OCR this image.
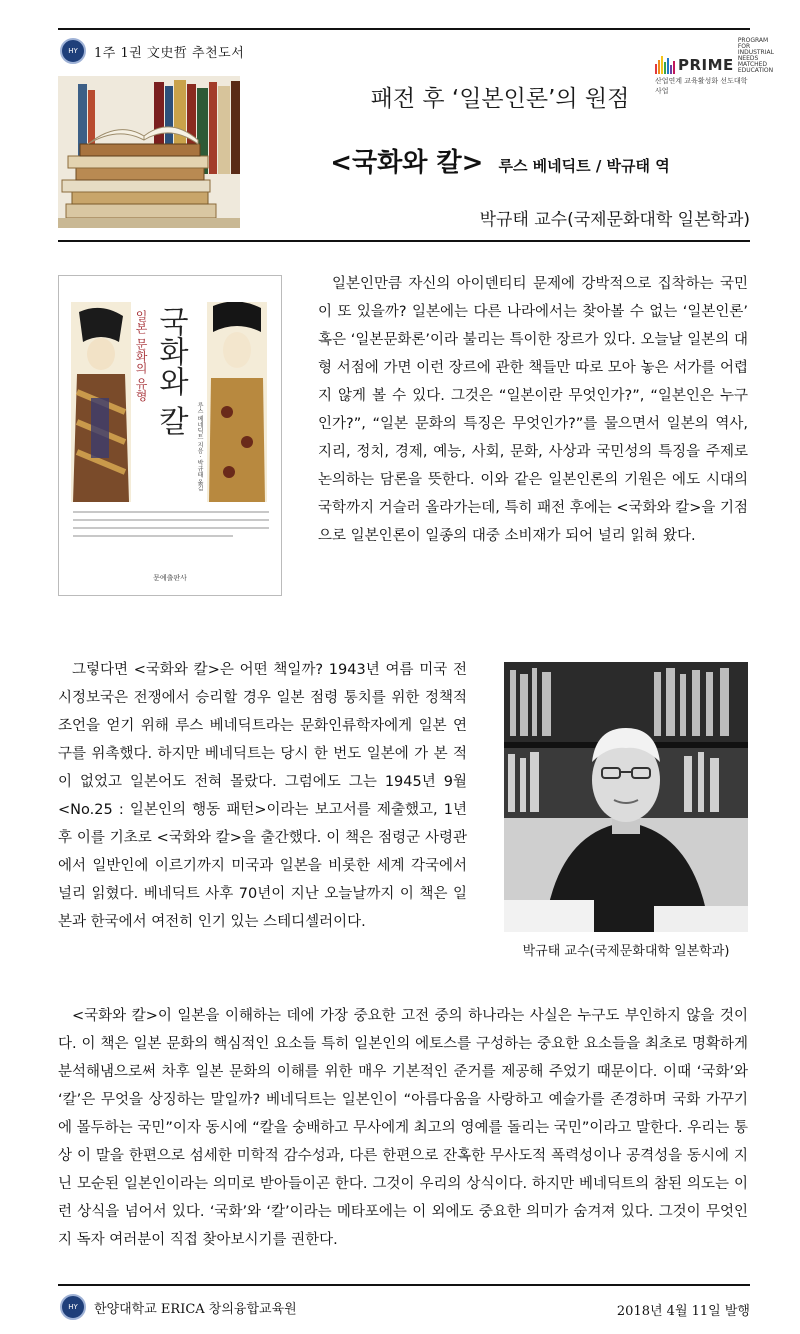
HY 1주 1권 文史哲 추천도서
PRIME
PROGRAM FOR
INDUSTRIAL NEEDS
MATCHED
EDUCATION
산업연계 교육활성화 선도대학 사업
패전 후 ‘일본인론’의 원점
<국화와 칼> 루스 베네딕트 / 박규태 역
박규태 교수(국제문화대학 일본학과)
국화와 칼
일본 문화의 유형
루스 베네딕트 지음 · 박규태 옮김
문예출판사

일본인만큼 자신의 아이덴티티 문제에 강박적으로 집착하는 국민이 또 있을까? 일본에는 다른 나라에서는 찾아볼 수 없는 ‘일본인론’ 혹은 ‘일본문화론’이라 불리는 특이한 장르가 있다. 오늘날 일본의 대형 서점에 가면 이런 장르에 관한 책들만 따로 모아 놓은 서가를 어렵지 않게 볼 수 있다. 그것은 “일본이란 무엇인가?”, “일본인은 누구인가?”, “일본 문화의 특징은 무엇인가?”를 물으면서 일본의 역사, 지리, 정치, 경제, 예능, 사회, 문화, 사상과 국민성의 특징을 주제로 논의하는 담론을 뜻한다. 이와 같은 일본인론의 기원은 에도 시대의 국학까지 거슬러 올라가는데, 특히 패전 후에는 <국화와 칼>을 기점으로 일본인론이 일종의 대중 소비재가 되어 널리 읽혀 왔다.

그렇다면 <국화와 칼>은 어떤 책일까? 1943년 여름 미국 전시정보국은 전쟁에서 승리할 경우 일본 점령 통치를 위한 정책적 조언을 얻기 위해 루스 베네딕트라는 문화인류학자에게 일본 연구를 위촉했다. 하지만 베네딕트는 당시 한 번도 일본에 가 본 적이 없었고 일본어도 전혀 몰랐다. 그럼에도 그는 1945년 9월 <No.25 : 일본인의 행동 패턴>이라는 보고서를 제출했고, 1년 후 이를 기초로 <국화와 칼>을 출간했다. 이 책은 점령군 사령관에서 일반인에 이르기까지 미국과 일본을 비롯한 세계 각국에서 널리 읽혔다. 베네딕트 사후 70년이 지난 오늘날까지 이 책은 일본과 한국에서 여전히 인기 있는 스테디셀러이다.

박규태 교수(국제문화대학 일본학과)

<국화와 칼>이 일본을 이해하는 데에 가장 중요한 고전 중의 하나라는 사실은 누구도 부인하지 않을 것이다. 이 책은 일본 문화의 핵심적인 요소들 특히 일본인의 에토스를 구성하는 중요한 요소들을 최초로 명확하게 분석해냄으로써 차후 일본 문화의 이해를 위한 매우 기본적인 준거를 제공해 주었기 때문이다. 이때 ‘국화’와 ‘칼’은 무엇을 상징하는 말일까? 베네딕트는 일본인이 “아름다움을 사랑하고 예술가를 존경하며 국화 가꾸기에 몰두하는 국민”이자 동시에 “칼을 숭배하고 무사에게 최고의 영예를 돌리는 국민”이라고 말한다. 우리는 통상 이 말을 한편으로 섬세한 미학적 감수성과, 다른 한편으로 잔혹한 무사도적 폭력성이나 공격성을 동시에 지닌 모순된 일본인이라는 의미로 받아들이곤 한다. 그것이 우리의 상식이다. 하지만 베네딕트의 참된 의도는 이런 상식을 넘어서 있다. ‘국화’와 ‘칼’이라는 메타포에는 이 외에도 중요한 의미가 숨겨져 있다. 그것이 무엇인지 독자 여러분이 직접 찾아보시기를 권한다.

HY 한양대학교 ERICA 창의융합교육원	2018년 4월 11일 발행
